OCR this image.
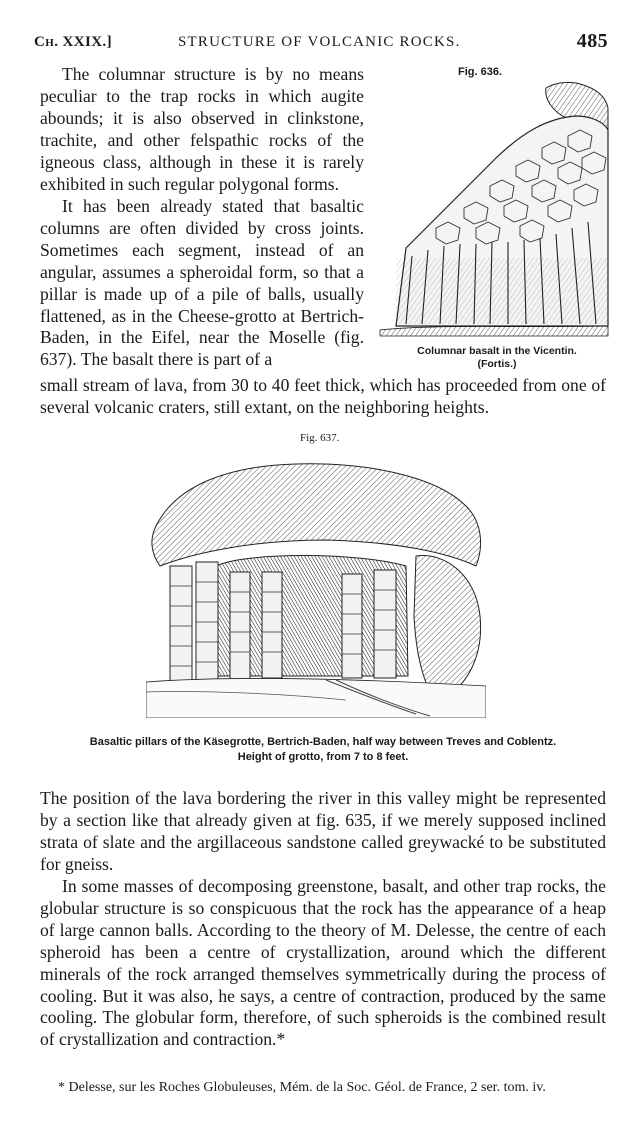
Ch. XXIX.]	STRUCTURE OF VOLCANIC ROCKS.	485
The columnar structure is by no means peculiar to the trap rocks in which augite abounds; it is also observed in clinkstone, trachite, and other felspathic rocks of the igneous class, although in these it is rarely exhibited in such regular polygonal forms.
It has been already stated that basaltic columns are often divided by cross joints. Sometimes each segment, instead of an angular, assumes a spheroidal form, so that a pillar is made up of a pile of balls, usually flattened, as in the Cheese-grotto at Bertrich-Baden, in the Eifel, near the Moselle (fig. 637). The basalt there is part of a
small stream of lava, from 30 to 40 feet thick, which has proceeded from one of several volcanic craters, still extant, on the neighboring heights.
Fig. 636.
Columnar basalt in the Vicentin.
(Fortis.)
Fig. 637.
Basaltic pillars of the Käsegrotte, Bertrich-Baden, half way between Treves and Coblentz.
Height of grotto, from 7 to 8 feet.
The position of the lava bordering the river in this valley might be represented by a section like that already given at fig. 635, if we merely supposed inclined strata of slate and the argillaceous sandstone called greywacké to be substituted for gneiss.
In some masses of decomposing greenstone, basalt, and other trap rocks, the globular structure is so conspicuous that the rock has the appearance of a heap of large cannon balls. According to the theory of M. Delesse, the centre of each spheroid has been a centre of crystallization, around which the different minerals of the rock arranged themselves symmetrically during the process of cooling. But it was also, he says, a centre of contraction, produced by the same cooling. The globular form, therefore, of such spheroids is the combined result of crystallization and contraction.*
* Delesse, sur les Roches Globuleuses, Mém. de la Soc. Géol. de France, 2 ser. tom. iv.
